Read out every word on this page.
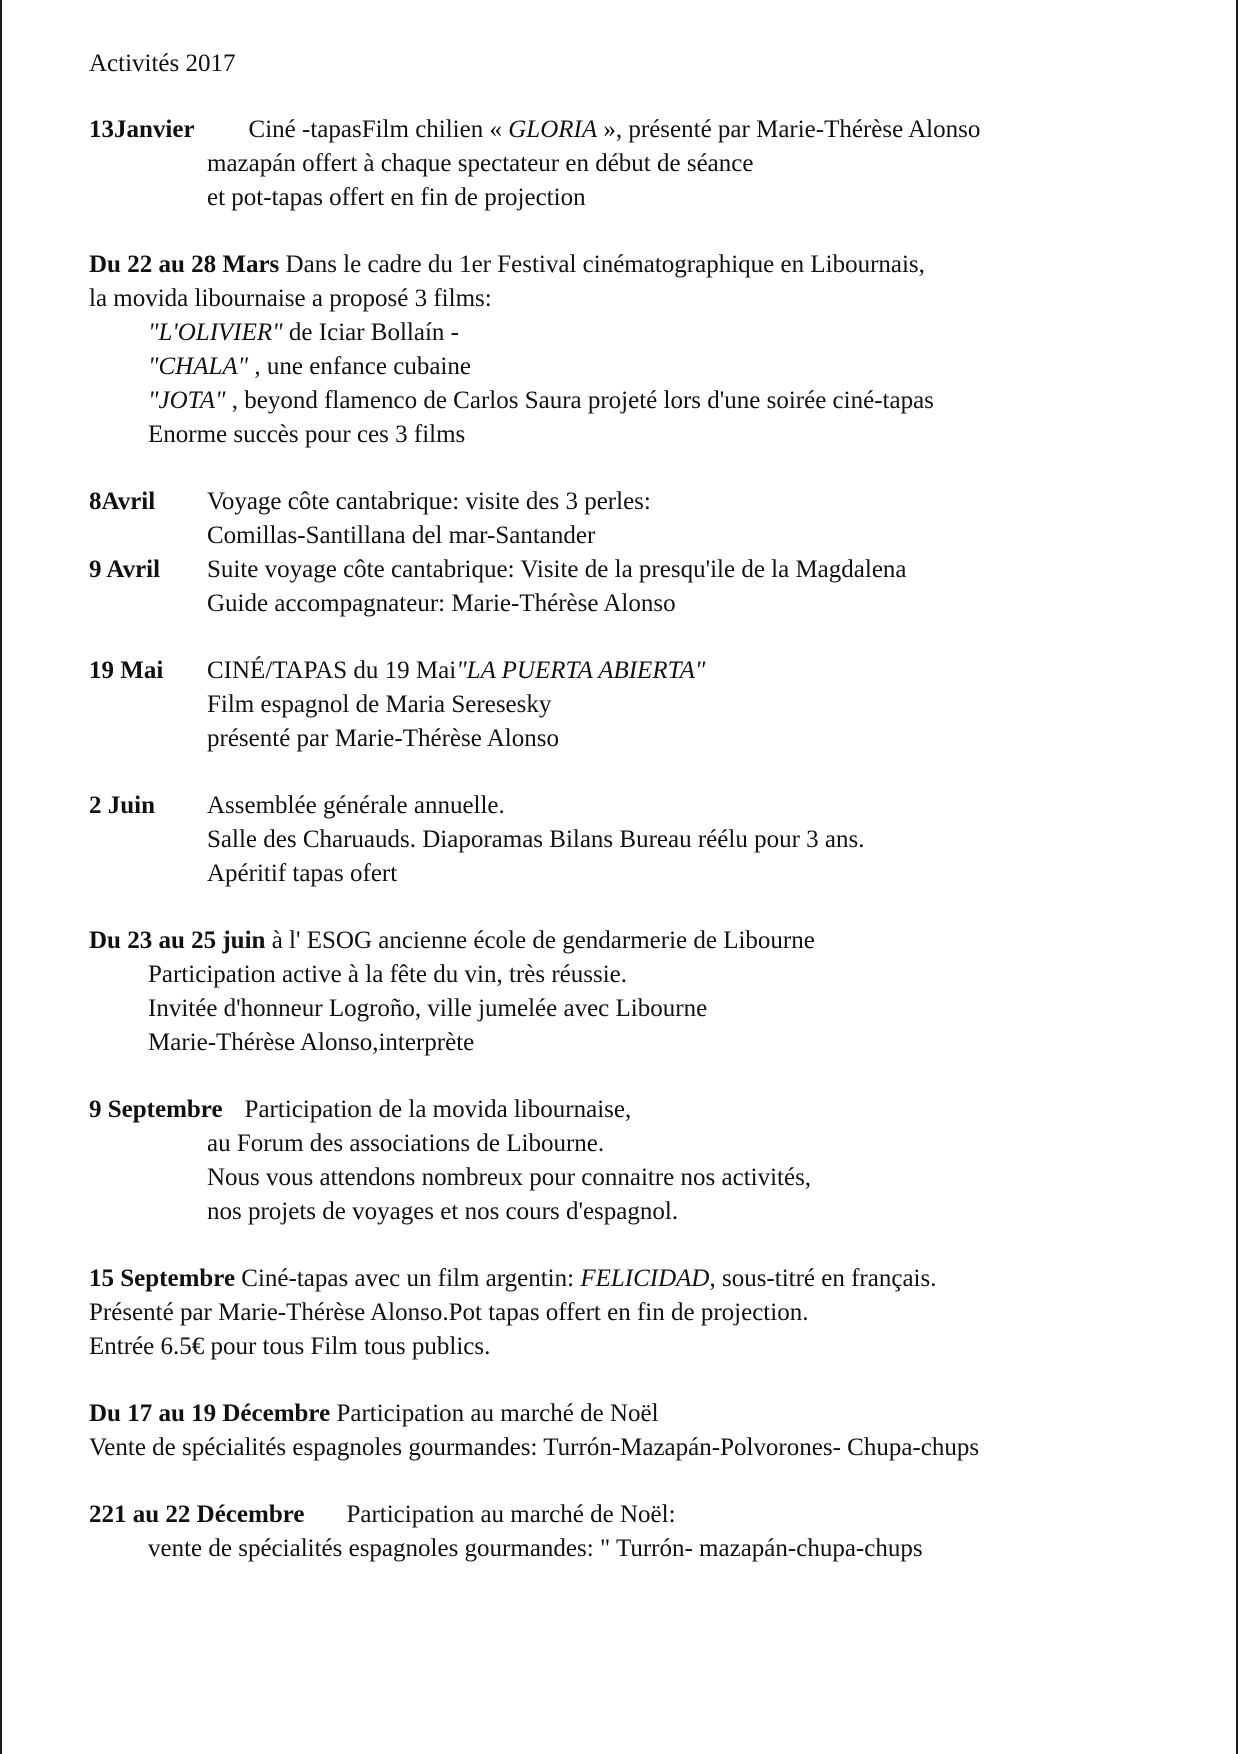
Activités 2017
13Janvier Ciné -tapasFilm chilien « GLORIA », présenté par Marie-Thérèse Alonso
mazapán offert à chaque spectateur en début de séance
et pot-tapas offert en fin de projection
Du 22 au 28 Mars Dans le cadre du 1er Festival cinématographique en Libournais,
la movida libournaise a proposé 3 films:
"L'OLIVIER" de Iciar Bollaín -
"CHALA" , une enfance cubaine
"JOTA" , beyond flamenco de Carlos Saura projeté lors d'une soirée ciné-tapas
Enorme succès pour ces 3 films
8Avril Voyage côte cantabrique: visite des 3 perles:
Comillas-Santillana del mar-Santander
9 Avril Suite voyage côte cantabrique: Visite de la presqu'ile de la Magdalena
Guide accompagnateur: Marie-Thérèse Alonso
19 Mai CINÉ/TAPAS du 19 Mai"LA PUERTA ABIERTA"
Film espagnol de Maria Seresesky
présenté par Marie-Thérèse Alonso
2 Juin Assemblée générale annuelle.
Salle des Charuauds. Diaporamas Bilans Bureau réélu pour 3 ans.
Apéritif tapas ofert
Du 23 au 25 juin à l' ESOG ancienne école de gendarmerie de Libourne
Participation active à la fête du vin, très réussie.
Invitée d'honneur Logroño, ville jumelée avec Libourne
Marie-Thérèse Alonso,interprète
9 Septembre Participation de la movida libournaise,
au Forum des associations de Libourne.
Nous vous attendons nombreux pour connaitre nos activités,
nos projets de voyages et nos cours d'espagnol.
15 Septembre Ciné-tapas avec un film argentin: FELICIDAD, sous-titré en français.
Présenté par Marie-Thérèse Alonso.Pot tapas offert en fin de projection.
Entrée 6.5€ pour tous Film tous publics.
Du 17 au 19 Décembre Participation au marché de Noël
Vente de spécialités espagnoles gourmandes: Turrón-Mazapán-Polvorones- Chupa-chups
221 au 22 Décembre Participation au marché de Noël:
vente de spécialités espagnoles gourmandes: " Turrón- mazapán-chupa-chups
